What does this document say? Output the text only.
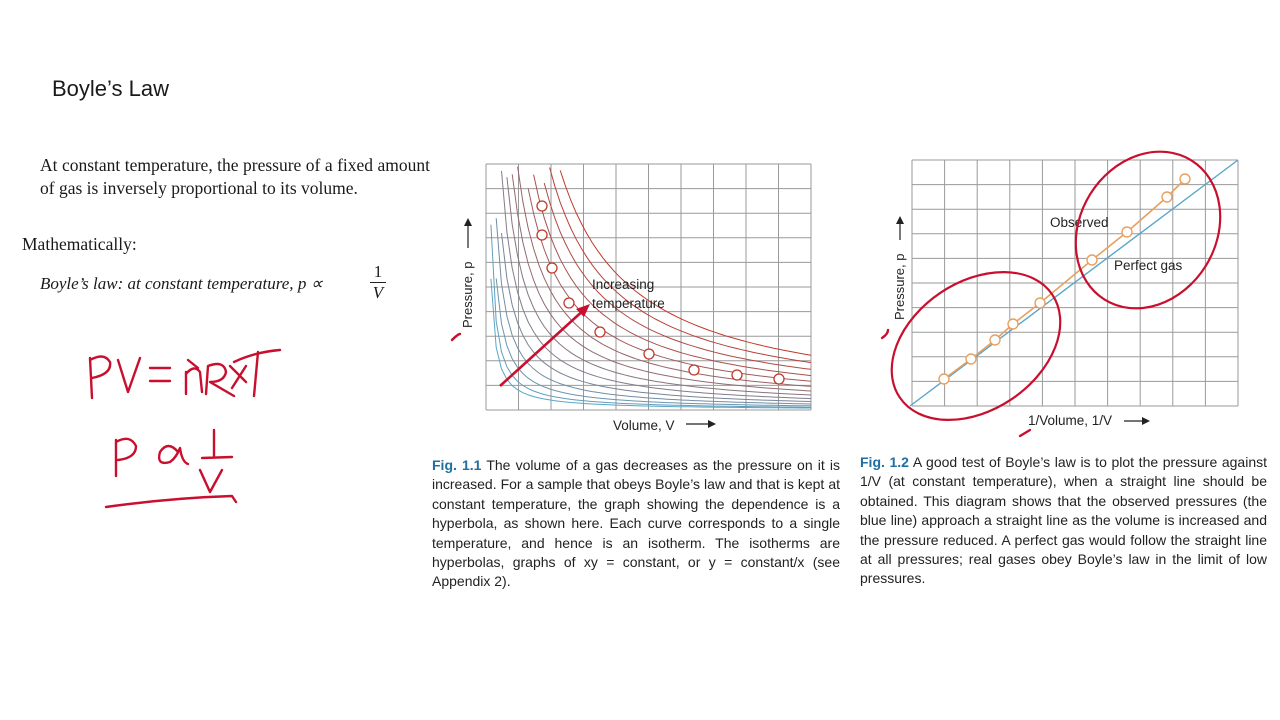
Boyle’s Law
At constant temperature, the pressure of a fixed amount of gas is inversely proportional to its volume.
Mathematically:
Boyle’s law: at constant temperature, p ∝	$\frac{1}{V}$	Increasing
temperature
Pressure, p
Volume, V
Fig. 1.1 The volume of a gas decreases as the pressure on it is increased. For a sample that obeys Boyle’s law and that is kept at constant temperature, the graph showing the dependence is a hyperbola, as shown here. Each curve corresponds to a single temperature, and hence is an isotherm. The isotherms are hyperbolas, graphs of xy = constant, or y = constant/x (see Appendix 2).
Observed
Perfect gas
Pressure, p
1/Volume, 1/V
Fig. 1.2 A good test of Boyle’s law is to plot the pressure against 1/V (at constant temperature), when a straight line should be obtained. This diagram shows that the observed pressures (the blue line) approach a straight line as the volume is increased and the pressure reduced. A perfect gas would follow the straight line at all pressures; real gases obey Boyle’s law in the limit of low pressures.
